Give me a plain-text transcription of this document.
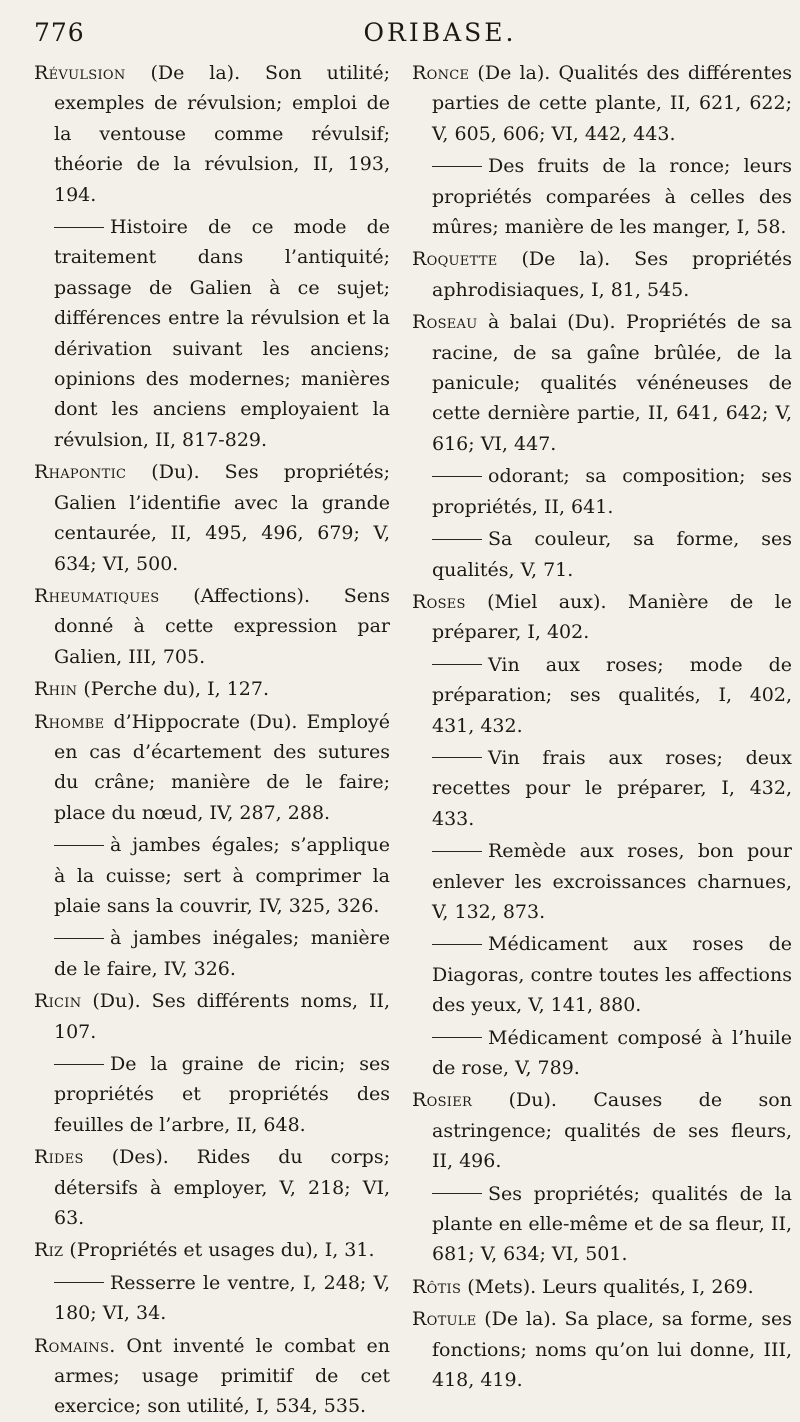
776	ORIBASE.

Révulsion (De la). Son utilité; exemples de révulsion; emploi de la ventouse comme révulsif; théorie de la révulsion, II, 193, 194.

Histoire de ce mode de traitement dans l’antiquité; passage de Galien à ce sujet; différences entre la révulsion et la dérivation suivant les anciens; opinions des modernes; manières dont les anciens employaient la révulsion, II, 817-829.

Rhapontic (Du). Ses propriétés; Galien l’identifie avec la grande centaurée, II, 495, 496, 679; V, 634; VI, 500.

Rheumatiques (Affections). Sens donné à cette expression par Galien, III, 705.

Rhin (Perche du), I, 127.

Rhombe d’Hippocrate (Du). Employé en cas d’écartement des sutures du crâne; manière de le faire; place du nœud, IV, 287, 288.

à jambes égales; s’applique à la cuisse; sert à comprimer la plaie sans la couvrir, IV, 325, 326.

à jambes inégales; manière de le faire, IV, 326.

Ricin (Du). Ses différents noms, II, 107.

De la graine de ricin; ses propriétés et propriétés des feuilles de l’arbre, II, 648.

Rides (Des). Rides du corps; détersifs à employer, V, 218; VI, 63.

Riz (Propriétés et usages du), I, 31.

Resserre le ventre, I, 248; V, 180; VI, 34.

Romains. Ont inventé le combat en armes; usage primitif de cet exercice; son utilité, I, 534, 535.

Ronce (De la). Qualités des différentes parties de cette plante, II, 621, 622; V, 605, 606; VI, 442, 443.

Des fruits de la ronce; leurs propriétés comparées à celles des mûres; manière de les manger, I, 58.

Roquette (De la). Ses propriétés aphrodisiaques, I, 81, 545.

Roseau à balai (Du). Propriétés de sa racine, de sa gaîne brûlée, de la panicule; qualités vénéneuses de cette dernière partie, II, 641, 642; V, 616; VI, 447.

odorant; sa composition; ses propriétés, II, 641.

Sa couleur, sa forme, ses qualités, V, 71.

Roses (Miel aux). Manière de le préparer, I, 402.

Vin aux roses; mode de préparation; ses qualités, I, 402, 431, 432.

Vin frais aux roses; deux recettes pour le préparer, I, 432, 433.

Remède aux roses, bon pour enlever les excroissances charnues, V, 132, 873.

Médicament aux roses de Diagoras, contre toutes les affections des yeux, V, 141, 880.

Médicament composé à l’huile de rose, V, 789.

Rosier (Du). Causes de son astringence; qualités de ses fleurs, II, 496.

Ses propriétés; qualités de la plante en elle-même et de sa fleur, II, 681; V, 634; VI, 501.

Rôtis (Mets). Leurs qualités, I, 269.

Rotule (De la). Sa place, sa forme, ses fonctions; noms qu’on lui donne, III, 418, 419.
